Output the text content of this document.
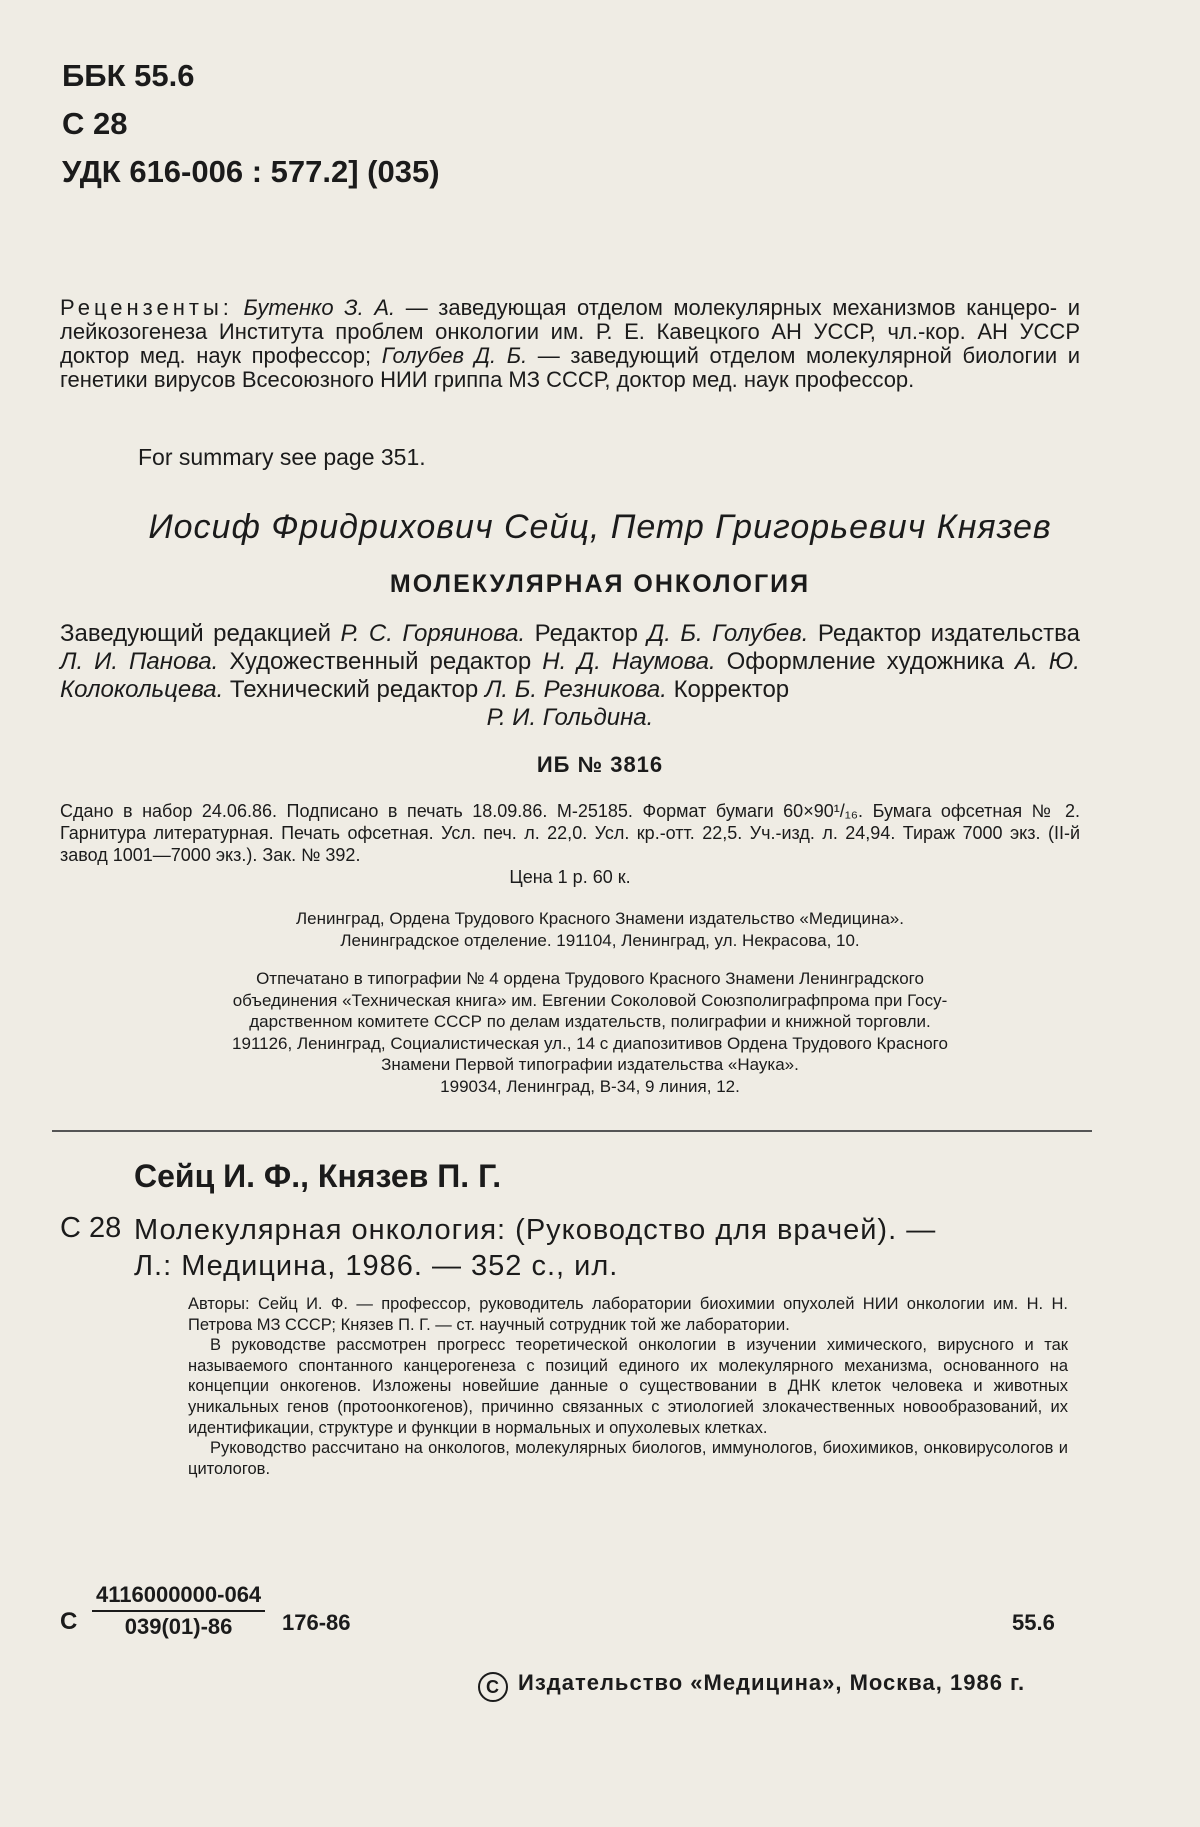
ББК 55.6
С 28
УДК 616-006 : 577.2] (035)
Рецензенты: Бутенко З. А. — заведующая отделом молекулярных механизмов канцеро- и лейкозогенеза Института проблем онкологии им. Р. Е. Кавецкого АН УССР, чл.-кор. АН УССР доктор мед. наук профессор; Голубев Д. Б. — заведующий отделом молекулярной биологии и генетики вирусов Всесоюзного НИИ гриппа МЗ СССР, доктор мед. наук профессор.
For summary see page 351.
Иосиф Фридрихович Сейц, Петр Григорьевич Князев
МОЛЕКУЛЯРНАЯ ОНКОЛОГИЯ
Заведующий редакцией Р. С. Горяинова. Редактор Д. Б. Голубев. Редактор издательства Л. И. Панова. Художественный редактор Н. Д. Наумова. Оформление художника А. Ю. Колокольцева. Технический редактор Л. Б. Резникова. Корректор
Р. И. Гольдина.
ИБ № 3816
Сдано в набор 24.06.86. Подписано в печать 18.09.86. М-25185. Формат бумаги 60×90¹/₁₆. Бумага офсетная № 2. Гарнитура литературная. Печать офсетная. Усл. печ. л. 22,0. Усл. кр.-отт. 22,5. Уч.-изд. л. 24,94. Тираж 7000 экз. (II-й завод 1001—7000 экз.). Зак. № 392.
Цена 1 р. 60 к.
Ленинград, Ордена Трудового Красного Знамени издательство «Медицина».
Ленинградское отделение. 191104, Ленинград, ул. Некрасова, 10.
Отпечатано в типографии № 4 ордена Трудового Красного Знамени Ленинградского
объединения «Техническая книга» им. Евгении Соколовой Союзполиграфпрома при Госу-
дарственном комитете СССР по делам издательств, полиграфии и книжной торговли.
191126, Ленинград, Социалистическая ул., 14 с диапозитивов Ордена Трудового Красного
Знамени Первой типографии издательства «Наука».
199034, Ленинград, В-34, 9 линия, 12.
Сейц И. Ф., Князев П. Г.
С 28 Молекулярная онкология: (Руководство для врачей). —
Л.: Медицина, 1986. — 352 с., ил.

Авторы: Сейц И. Ф. — профессор, руководитель лаборатории биохимии опухолей НИИ онкологии им. Н. Н. Петрова МЗ СССР; Князев П. Г. — ст. научный сотрудник той же лаборатории.

В руководстве рассмотрен прогресс теоретической онкологии в изучении химического, вирусного и так называемого спонтанного канцерогенеза с позиций единого их молекулярного механизма, основанного на концепции онкогенов. Изложены новейшие данные о существовании в ДНК клеток человека и животных уникальных генов (протоонкогенов), причинно связанных с этиологией злокачественных новообразований, их идентификации, структуре и функции в нормальных и опухолевых клетках.

Руководство рассчитано на онкологов, молекулярных биологов, иммунологов, биохимиков, онковирусологов и цитологов.

С $\frac{4116000000-064}{039(01)-86} 176-86$	55.6
С Издательство «Медицина», Москва, 1986 г.
